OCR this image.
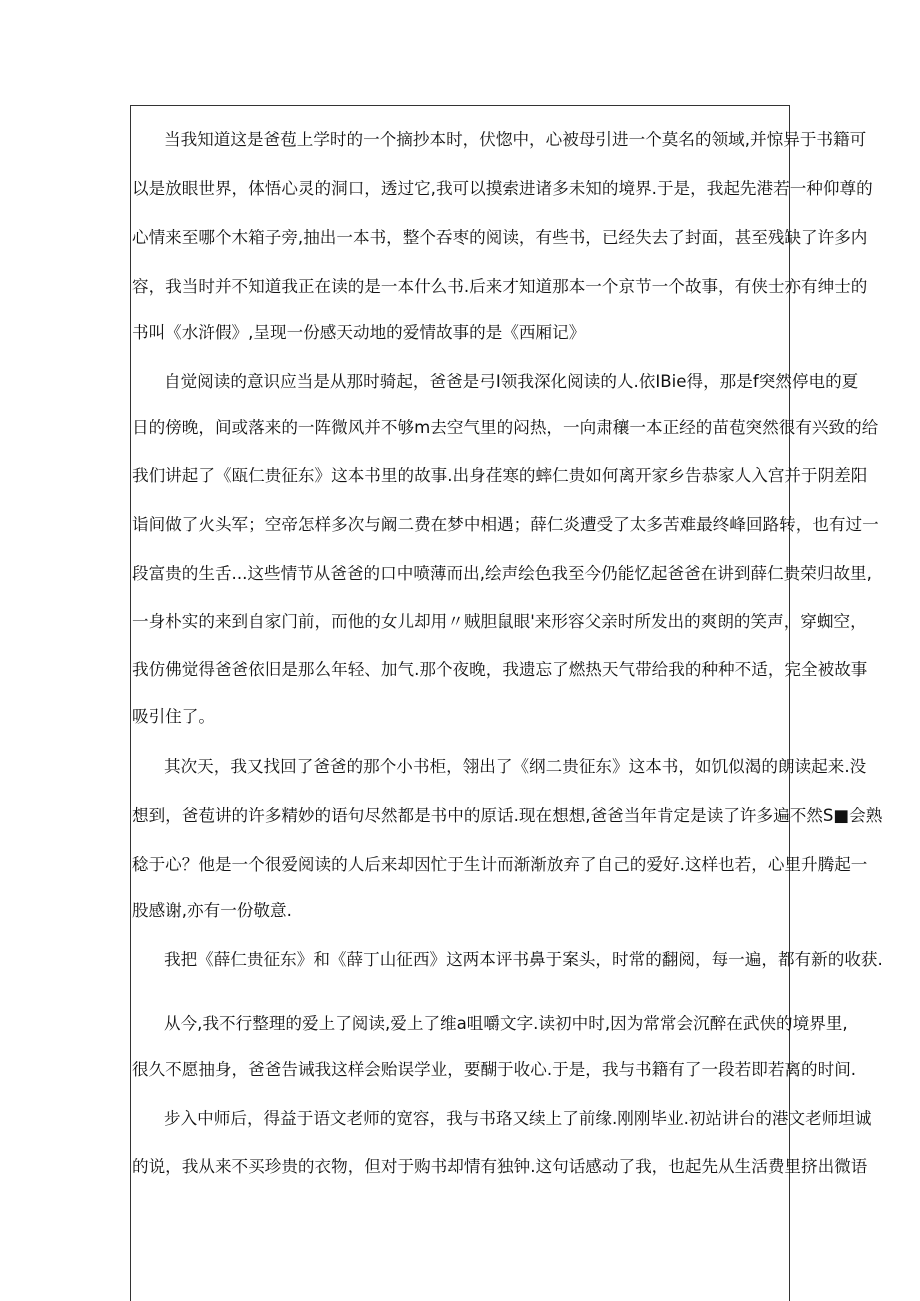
当我知道这是爸苞上学时的一个摘抄本时，伏惚中，心被母引进一个莫名的领域,并惊异于书籍可
以是放眼世界，体悟心灵的洞口，透过它,我可以摸索进诸多未知的境界.于是，我起先港若一种仰尊的
心情来至哪个木箱子旁,抽出一本书，整个吞枣的阅读，有些书，已经失去了封面，甚至残缺了许多内
容，我当时并不知道我正在读的是一本什么书.后来才知道那本一个京节一个故事，有侠士亦有绅士的
书叫《水浒假》,呈现一份感天动地的爱情故事的是《西厢记》
自觉阅读的意识应当是从那时骑起，爸爸是弓I领我深化阅读的人.依IBie得，那是f突然停电的夏
日的傍晚，间或落来的一阵微风并不够m去空气里的闷热，一向肃穰一本正经的苗苞突然很有兴致的给
我们讲起了《瓯仁贵征东》这本书里的故事.出身荏寒的蟀仁贵如何离开家乡告恭家人入宫并于阴差阳
诣间做了火头军；空帝怎样多次与阚二费在梦中相遇；薛仁炎遭受了太多苦难最终峰回路转，也有过一
段富贵的生舌...这些情节从爸爸的口中喷薄而出,绘声绘色我至今仍能忆起爸爸在讲到薛仁贵荣归故里,
一身朴实的来到自家门前，而他的女儿却用〃贼胆鼠眼'来形容父亲时所发出的爽朗的笑声，穿蜘空，
我仿佛觉得爸爸依旧是那么年轻、加气.那个夜晚，我遗忘了燃热天气带给我的种种不适，完全被故事
吸引住了。
其次天，我又找回了爸爸的那个小书柜，翎出了《纲二贵征东》这本书，如饥似渴的朗读起来.没
想到，爸苞讲的许多精妙的语句尽然都是书中的原话.现在想想,爸爸当年肯定是读了许多遍不然S■会熟
稔于心？他是一个很爱阅读的人后来却因忙于生计而渐渐放弃了自己的爱好.这样也若，心里升腾起一
股感谢,亦有一份敬意.
我把《薛仁贵征东》和《薛丁山征西》这两本评书鼻于案头，时常的翻阅，每一遍，都有新的收获.
从今,我不行整理的爱上了阅读,爱上了维a咀嚼文字.读初中时,因为常常会沉醉在武侠的境界里,
很久不愿抽身，爸爸告诫我这样会贻误学业，要醐于收心.于是，我与书籍有了一段若即若离的时间.
步入中师后，得益于语文老师的宽容，我与书珞又续上了前缘.刚刚毕业.初站讲台的港文老师坦诚
的说，我从来不买珍贵的衣物，但对于购书却情有独钟.这句话感动了我，也起先从生活费里挤出微语
